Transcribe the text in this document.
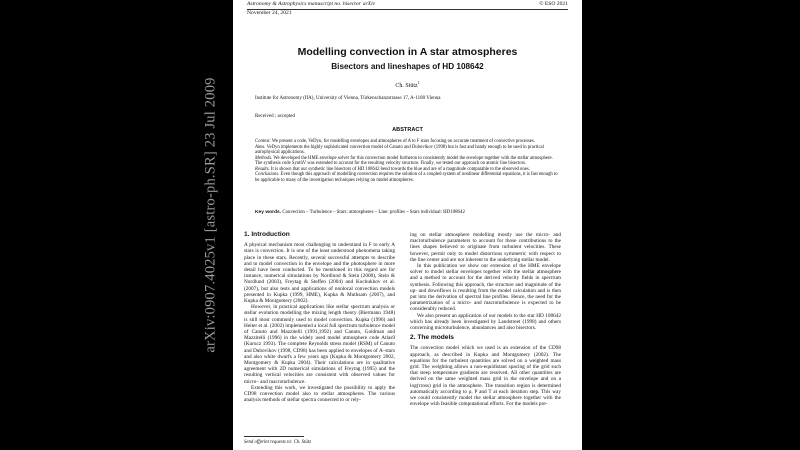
arXiv:0907.4025v1 [astro-ph.SR] 23 Jul 2009
Astronomy & Astrophysics manuscript no. bisector˙arXiv	© ESO 2021
November 24, 2021
Modelling convection in A star atmospheres
Bisectors and lineshapes of HD 108642
Ch. Stütz$^1$
Institute for Astronomy (IfA), University of Vienna, Türkenschanzstrasse 17, A-1180 Vienna
Received ; accepted
ABSTRACT

Context. We present a code, VeDyn, for modelling envelopes and atmospheres of A to F stars focusing on accurate treatment of convective processes.

Aims. VeDyn implements the highly sophisticated convection model of Canuto and Dubovikov (1998) but is fast and handy enough to be used in practical astrophysical applications.

Methods. We developed the HME envelope solver for this convection model furtheron to consistently model the envelope together with the stellar atmosphere. The synthesis code SynthV was extended to account for the resulting velocity structure. Finally, we tested our approach on atomic line bisectors.

Results. It is shown that our synthetic line bisectors of HD 108642 bend towards the blue and are of a magnitude comparable to the observed ones.

Conclusions. Even though this approach of modelling convection requires the solution of a coupled system of nonlinear differential equations, it is fast enough to be applicable to many of the investigation techniques relying on model atmospheres.

Key words. Convection – Turbulence – Stars: atmospheres – Line: profiles – Stars individual: HD108642
1. Introduction

A physical mechanism most challenging to understand in F to early A stars is convection. It is one of the least understood phenomena taking place in these stars. Recently, several successful attempts to describe and to model convection in the envelope and the photosphere in more detail have been conducted. To be mentioned in this regard are for instance, numerical simulations by Nordlund & Stein (2000), Stein & Nordlund (2003), Freytag & Steffen (2004) and Kochukhov et al. (2007), but also tests and applications of nonlocal convection models presented in Kupka (1999, HME), Kupka & Muthsam (2007), and Kupka & Montgomery (2002).

However, in practical applications like stellar spectrum analysis or stellar evolution modelling the mixing length theory (Biermann 1948) is still most commonly used to model convection. Kupka (1996) and Heiter et al. (2002) implemented a local full spectrum turbulence model of Canuto and Mazzitelli (1991,1992) and Canuto, Goldman and Mazzitelli (1996) in the widely used model atmosphere code Atlas9 (Kurucz 1993). The complete Reynolds stress model (RSM) of Canuto and Dubovikov (1998, CD98) has been applied to envelopes of A–stars and also white dwarfs a few years ago (Kupka & Montgomery 2002, Montgomery & Kupka 2004). Their calculations are in qualitative agreement with 2D numerical simulations of Freytag (1995) and the resulting vertical velocities are consistent with observed values for micro– and macroturbulence.

Extending this work, we investigated the possibility to apply the CD98 convection model also to stellar atmospheres. The various analysis methods of stellar spectra connected to or rely-

ing on stellar atmosphere modelling mostly use the micro- and macroturbulence parameters to account for those contributions to the lines shapes believed to originate from turbulent velocities. These however, permit only to model distortions symmetric with respect to the line center and are not inherent to the underlying stellar model.

In this publication we show our extension of the HME envelope solver to model stellar envelopes together with the stellar atmosphere and a method to account for the derived velocity fields in spectrum synthesis. Following this approach, the structure and magnitude of the up- and downflows is resulting from the model calculation and is then put into the derivation of spectral line profiles. Hence, the need for the parametrization of a micro- and macroturbulence is expected to be considerably reduced.

We also present an application of our models to the star HD 108642 which has already been investigated by Landstreet (1998) and others concerning microturbulence, abundances and also bisectors.

2. The models

The convection model which we used is an extension of the CD98 approach, as described in Kupka and Montgomery (2002). The equations for the turbulent quantities are solved on a weighted mass grid. The weighting allows a non-equidistant spacing of the grid such that steep temperature gradients are resolved. All other quantities are derived on the same weighted mass grid in the envelope and on a log(τross) grid in the atmosphere. The transition region is determined automatically according to ρ, P and T at each iteration step. This way we could consistently model the stellar atmosphere together with the envelope with feasible computational efforts. For the models pre-

Send offprint requests to: Ch. Stütz
